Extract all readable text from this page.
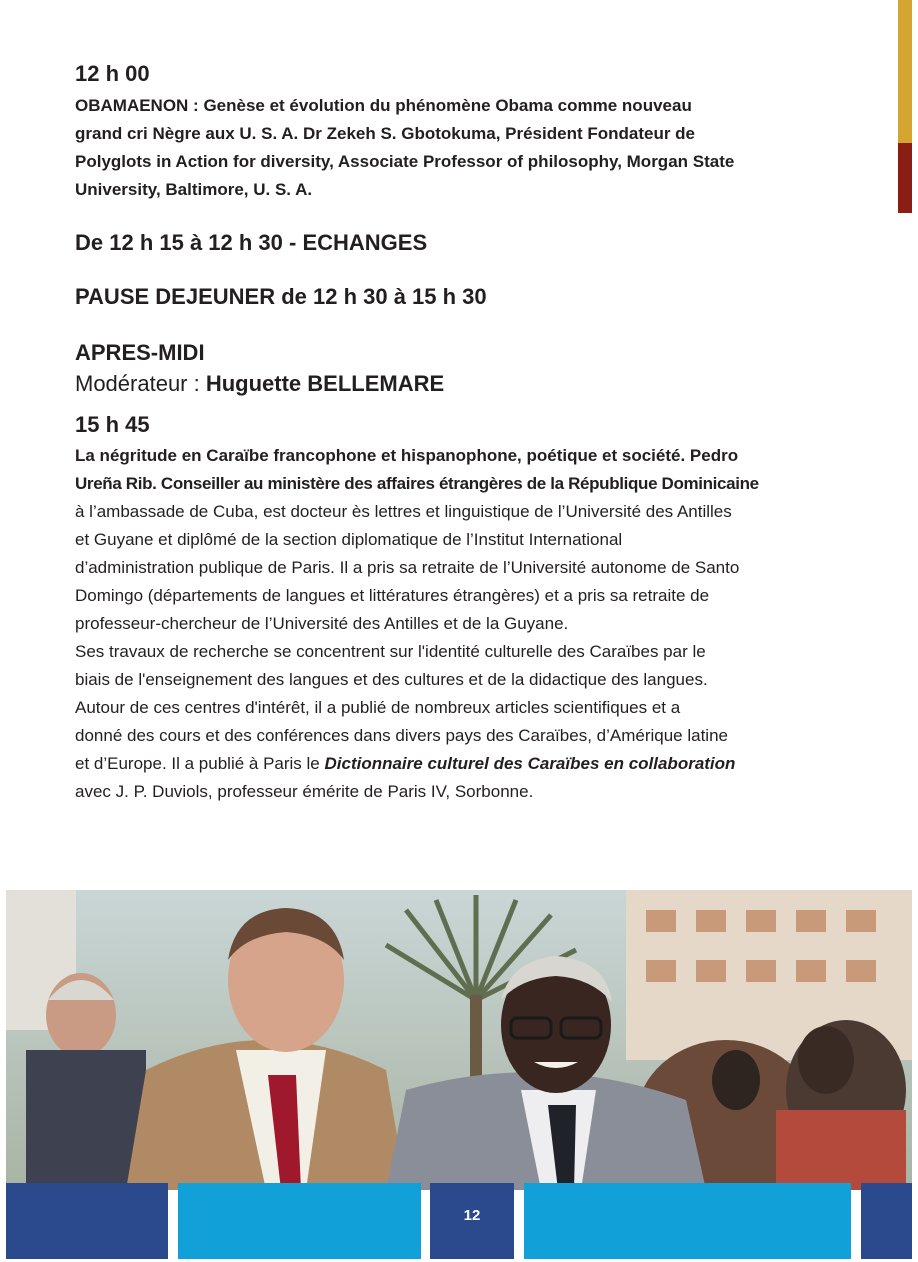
12 h 00

OBAMAENON : Genèse et évolution du phénomène Obama comme nouveau
grand cri Nègre aux U. S. A. Dr Zekeh S. Gbotokuma, Président Fondateur de
Polyglots in Action for diversity, Associate Professor of philosophy, Morgan State
University, Baltimore, U. S. A.

De 12 h 15 à 12 h 30 - ECHANGES

PAUSE DEJEUNER de 12 h 30 à 15 h 30

APRES-MIDI

Modérateur : Huguette BELLEMARE

15 h 45

La négritude en Caraïbe francophone et hispanophone, poétique et société. Pedro
Ureña Rib. Conseiller au ministère des affaires étrangères de la République Dominicaine
à l’ambassade de Cuba, est docteur ès lettres et linguistique de l’Université des Antilles
et Guyane et diplômé de la section diplomatique de l’Institut International
d’administration publique de Paris. Il a pris sa retraite de l’Université autonome de Santo
Domingo (départements de langues et littératures étrangères) et a pris sa retraite de
professeur-chercheur de l’Université des Antilles et de la Guyane.
Ses travaux de recherche se concentrent sur l'identité culturelle des Caraïbes par le
biais de l'enseignement des langues et des cultures et de la didactique des langues.
Autour de ces centres d'intérêt, il a publié de nombreux articles scientifiques et a
donné des cours et des conférences dans divers pays des Caraïbes, d’Amérique latine
et d’Europe. Il a publié à Paris le Dictionnaire culturel des Caraïbes en collaboration
avec J. P. Duviols, professeur émérite de Paris IV, Sorbonne.
12
